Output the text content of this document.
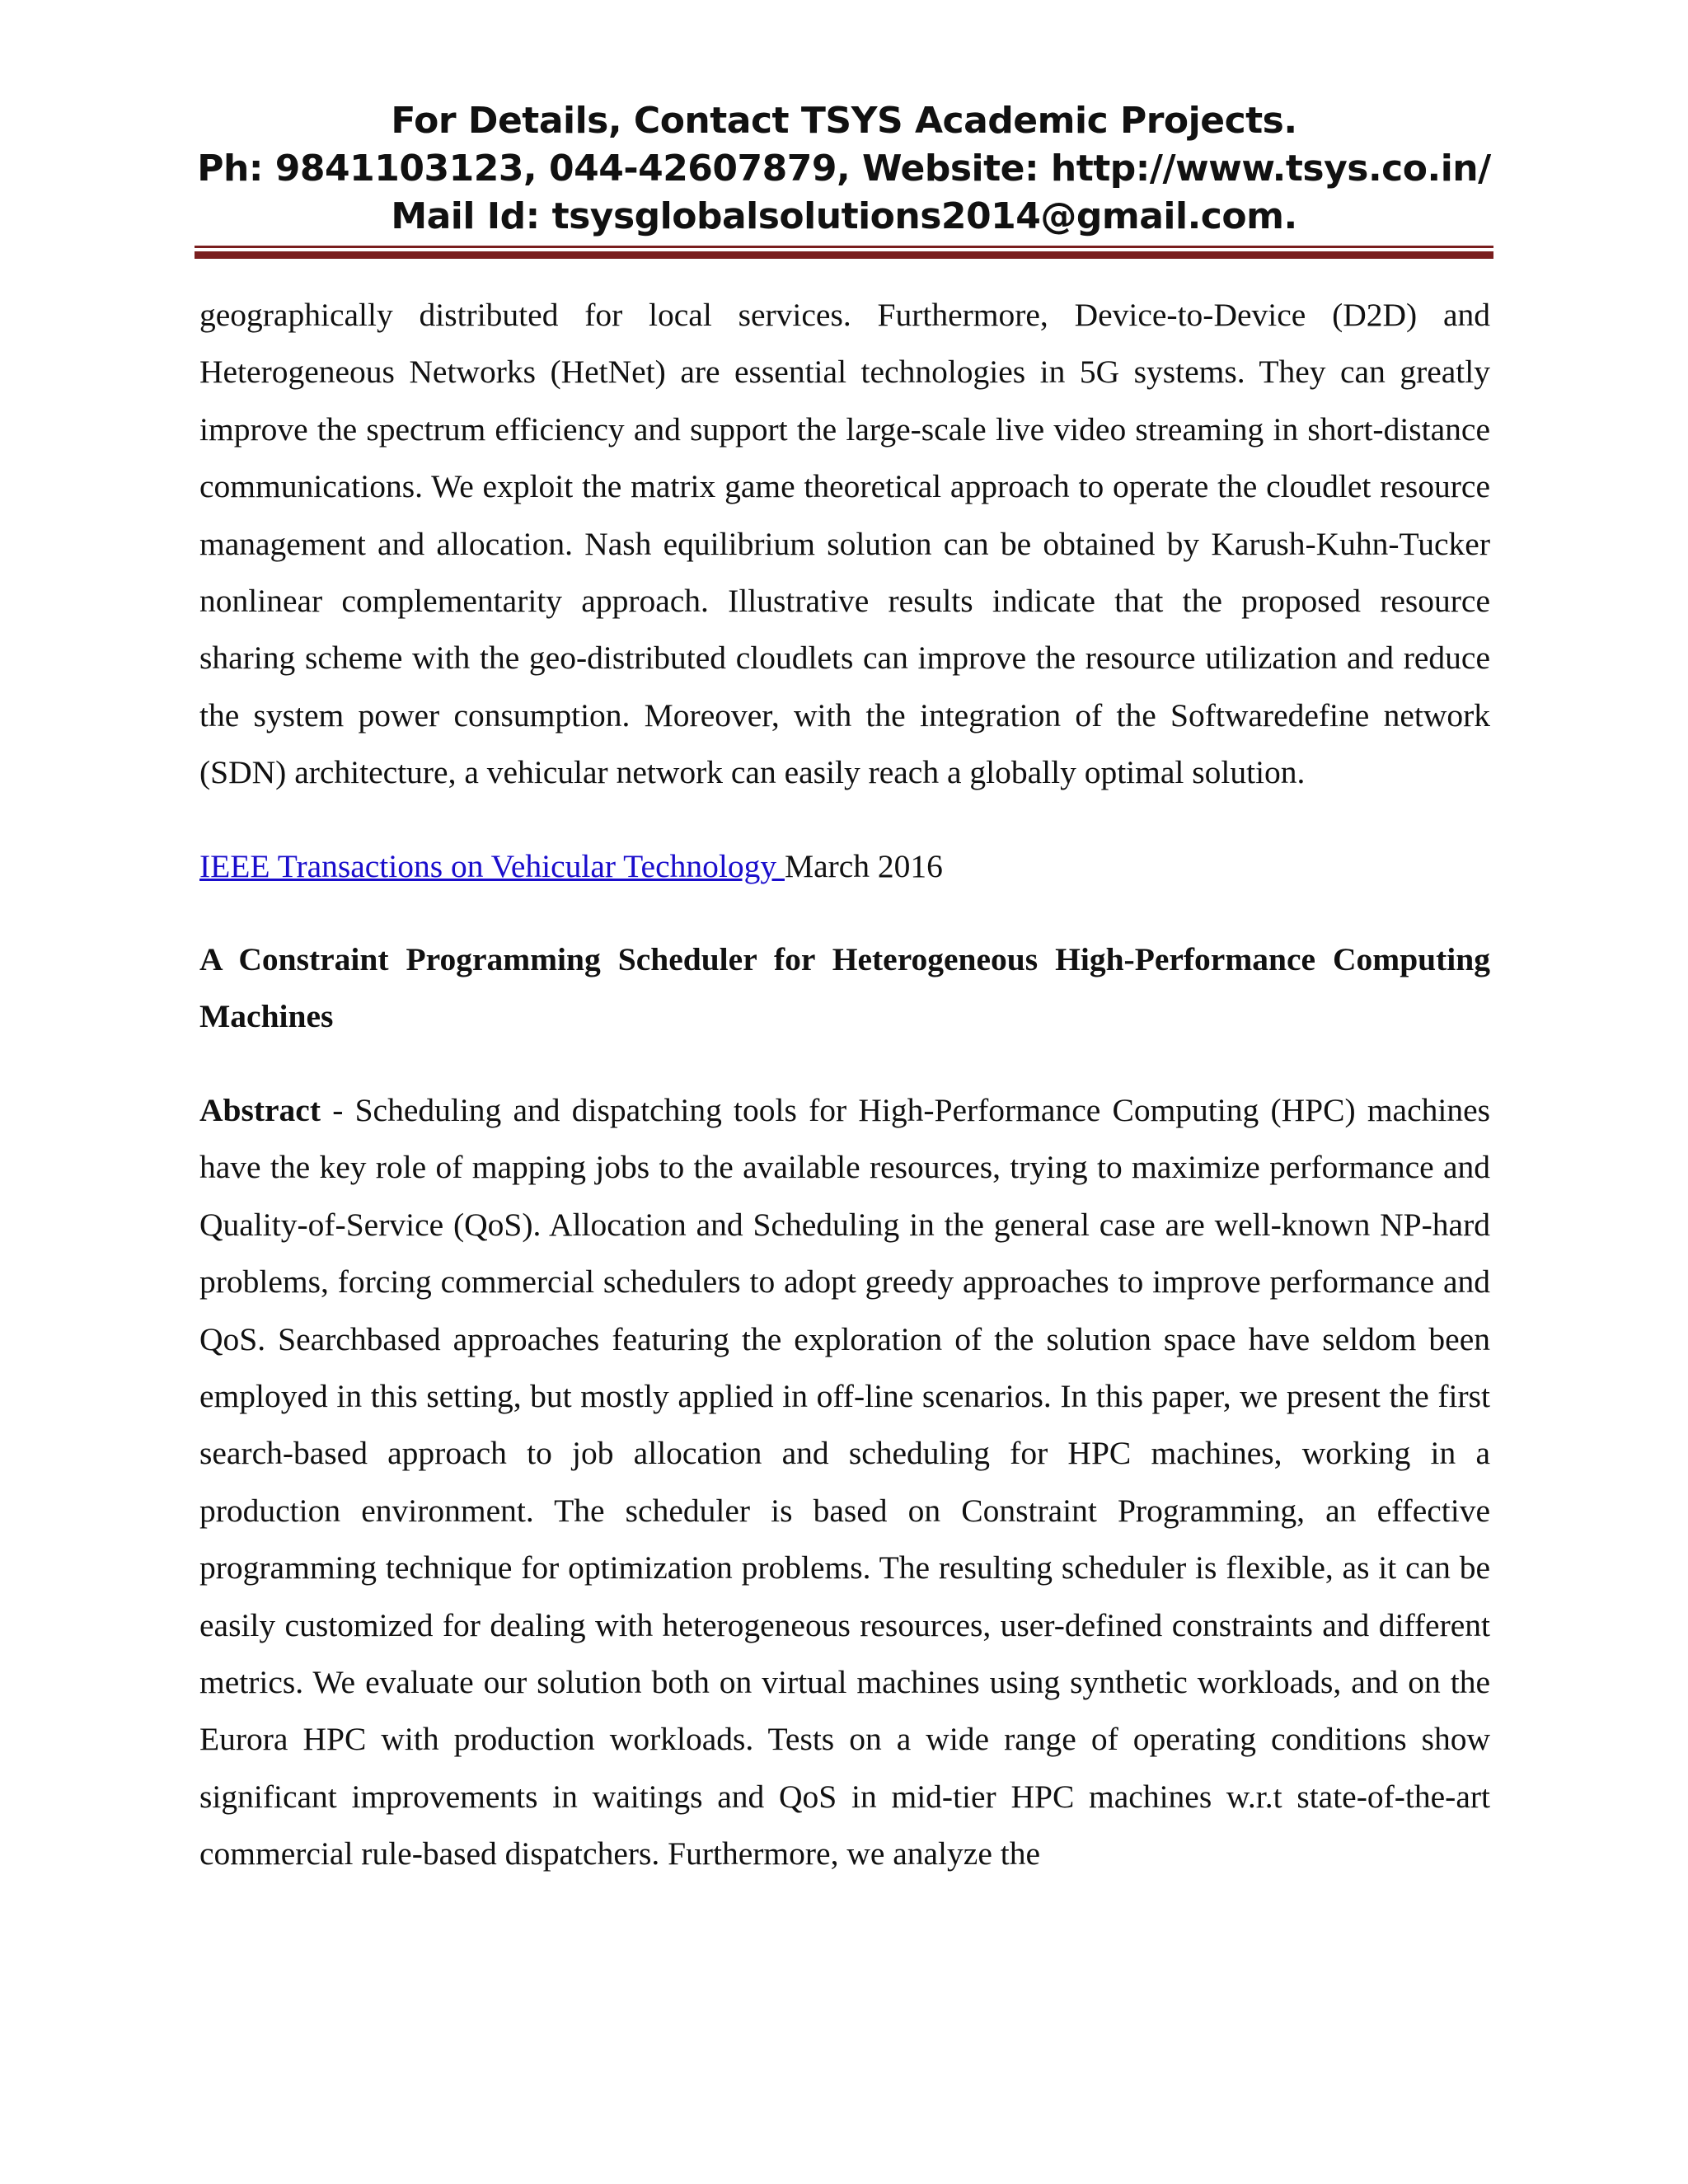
For Details, Contact TSYS Academic Projects.
Ph: 9841103123, 044-42607879, Website: http://www.tsys.co.in/
Mail Id: tsysglobalsolutions2014@gmail.com.

geographically distributed for local services. Furthermore, Device-to-Device (D2D) and Heterogeneous Networks (HetNet) are essential technologies in 5G systems. They can greatly improve the spectrum efficiency and support the large-scale live video streaming in short-distance communications. We exploit the matrix game theoretical approach to operate the cloudlet resource management and allocation. Nash equilibrium solution can be obtained by Karush-Kuhn-Tucker nonlinear complementarity approach. Illustrative results indicate that the proposed resource sharing scheme with the geo-distributed cloudlets can improve the resource utilization and reduce the system power consumption. Moreover, with the integration of the Softwaredefine network (SDN) architecture, a vehicular network can easily reach a globally optimal solution.

IEEE Transactions on Vehicular Technology March 2016

A Constraint Programming Scheduler for Heterogeneous High-Performance Computing Machines

Abstract - Scheduling and dispatching tools for High-Performance Computing (HPC) machines have the key role of mapping jobs to the available resources, trying to maximize performance and Quality-of-Service (QoS). Allocation and Scheduling in the general case are well-known NP-hard problems, forcing commercial schedulers to adopt greedy approaches to improve performance and QoS. Searchbased approaches featuring the exploration of the solution space have seldom been employed in this setting, but mostly applied in off-line scenarios. In this paper, we present the first search-based approach to job allocation and scheduling for HPC machines, working in a production environment. The scheduler is based on Constraint Programming, an effective programming technique for optimization problems. The resulting scheduler is flexible, as it can be easily customized for dealing with heterogeneous resources, user-defined constraints and different metrics. We evaluate our solution both on virtual machines using synthetic workloads, and on the Eurora HPC with production workloads. Tests on a wide range of operating conditions show significant improvements in waitings and QoS in mid-tier HPC machines w.r.t state-of-the-art commercial rule-based dispatchers. Furthermore, we analyze the
